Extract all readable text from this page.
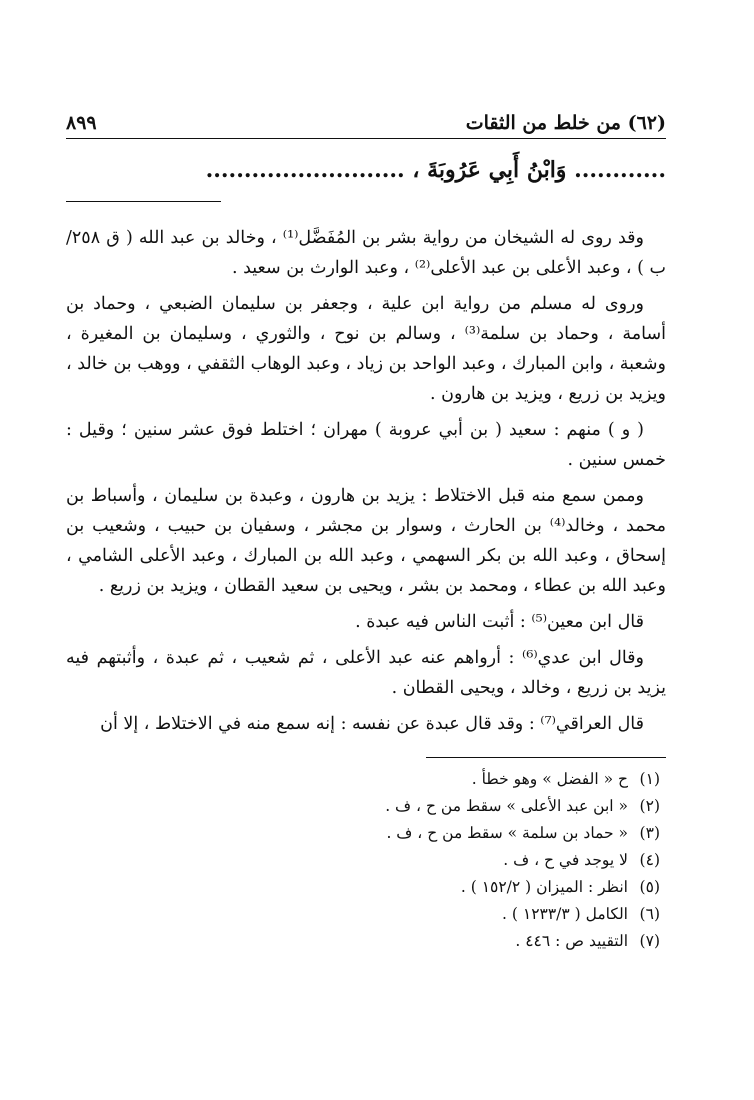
(٦٢) من خلط من الثقات
٨٩٩
............ وَابْنُ أَبِي عَرُوبَةَ ، ..........................

وقد روى له الشيخان من رواية بشر بن المُفَضَّل⁽¹⁾ ، وخالد بن عبد الله ( ق ٢٥٨/ب ) ، وعبد الأعلى بن عبد الأعلى⁽²⁾ ، وعبد الوارث بن سعيد .

وروى له مسلم من رواية ابن علية ، وجعفر بن سليمان الضبعي ، وحماد بن أسامة ، وحماد بن سلمة⁽³⁾ ، وسالم بن نوح ، والثوري ، وسليمان بن المغيرة ، وشعبة ، وابن المبارك ، وعبد الواحد بن زياد ، وعبد الوهاب الثقفي ، ووهب بن خالد ، ويزيد بن زريع ، ويزيد بن هارون .

( و ) منهم : سعيد ( بن أبي عروبة ) مهران ؛ اختلط فوق عشر سنين ؛ وقيل : خمس سنين .

وممن سمع منه قبل الاختلاط : يزيد بن هارون ، وعبدة بن سليمان ، وأسباط بن محمد ، وخالد⁽⁴⁾ بن الحارث ، وسوار بن مجشر ، وسفيان بن حبيب ، وشعيب بن إسحاق ، وعبد الله بن بكر السهمي ، وعبد الله بن المبارك ، وعبد الأعلى الشامي ، وعبد الله بن عطاء ، ومحمد بن بشر ، ويحيى بن سعيد القطان ، ويزيد بن زريع .

قال ابن معين⁽⁵⁾ : أثبت الناس فيه عبدة .

وقال ابن عدي⁽⁶⁾ : أرواهم عنه عبد الأعلى ، ثم شعيب ، ثم عبدة ، وأثبتهم فيه يزيد بن زريع ، وخالد ، ويحيى القطان .

قال العراقي⁽⁷⁾ : وقد قال عبدة عن نفسه : إنه سمع منه في الاختلاط ، إلا أن

(١)ح « الفضل » وهو خطأ .
(٢)« ابن عبد الأعلى » سقط من ح ، ف .
(٣)« حماد بن سلمة » سقط من ح ، ف .
(٤)لا يوجد في ح ، ف .
(٥)انظر : الميزان ( ١٥٢/٢ ) .
(٦)الكامل ( ١٢٣٣/٣ ) .
(٧)التقييد ص : ٤٤٦ .
